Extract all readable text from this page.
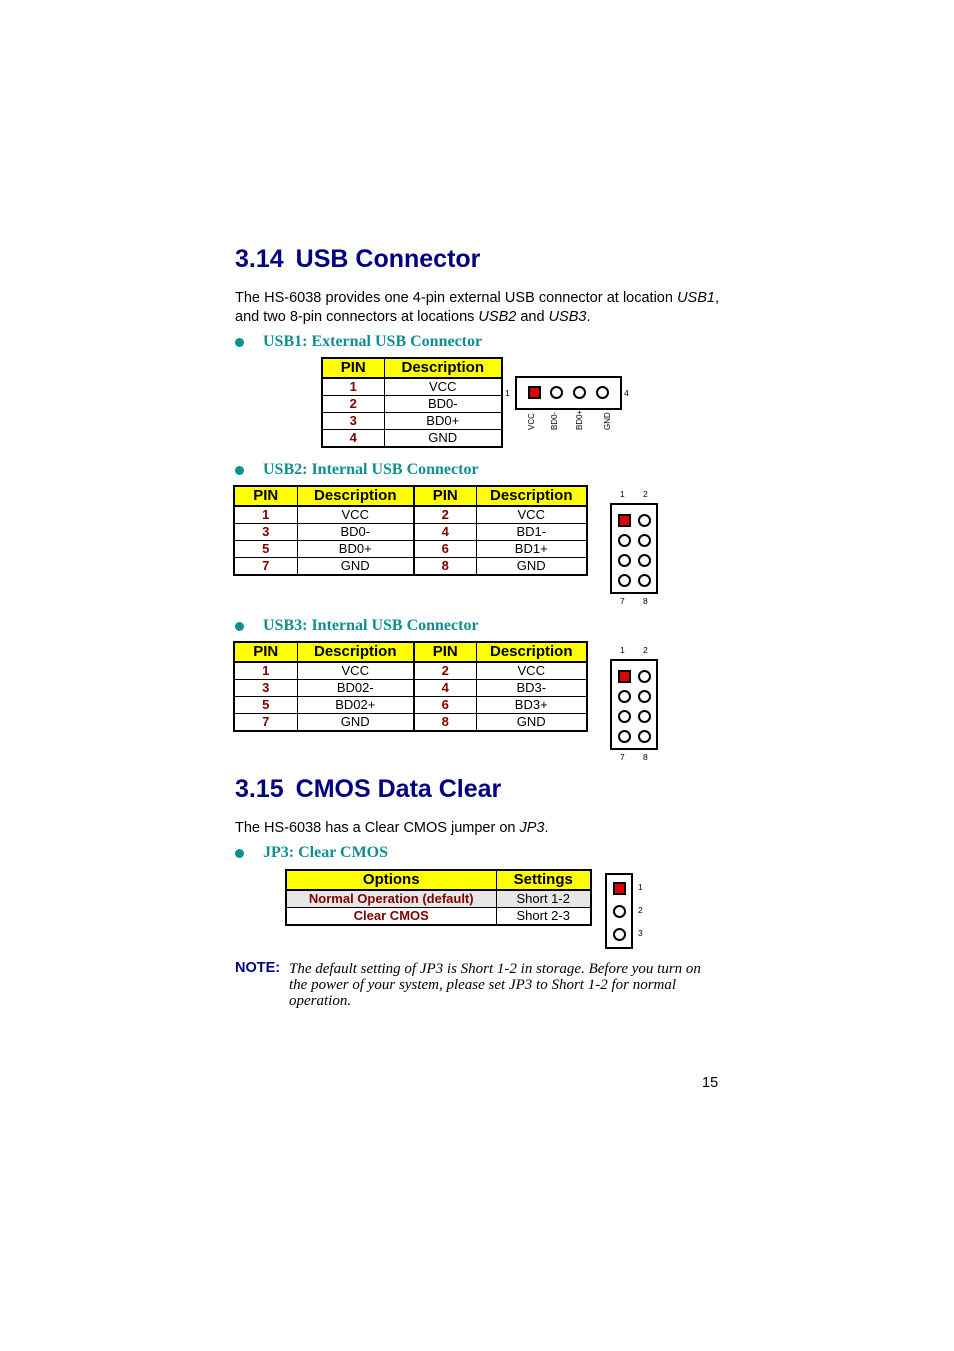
3.14 USB Connector
The HS-6038 provides one 4-pin external USB connector at location USB1, and two 8-pin connectors at locations USB2 and USB3.
USB1: External USB Connector
PIN	Description
1	VCC
2	BD0-
3	BD0+
4	GND
1	4
VCC BD0- BD0+ GND
USB2: Internal USB Connector
PIN	Description	PIN	Description
1	VCC	2	VCC
3	BD0-	4	BD1-
5	BD0+	6	BD1+
7	GND	8	GND
1 2
7 8
USB3: Internal USB Connector
PIN	Description	PIN	Description
1	VCC	2	VCC
3	BD02-	4	BD3-
5	BD02+	6	BD3+
7	GND	8	GND
1 2
7 8
3.15 CMOS Data Clear
The HS-6038 has a Clear CMOS jumper on JP3.
JP3: Clear CMOS
Options	Settings
Normal Operation (default)	Short 1-2
Clear CMOS	Short 2-3
1
2
3
NOTE: The default setting of JP3 is Short 1-2 in storage. Before you turn on the power of your system, please set JP3 to Short 1-2 for normal operation.
15
